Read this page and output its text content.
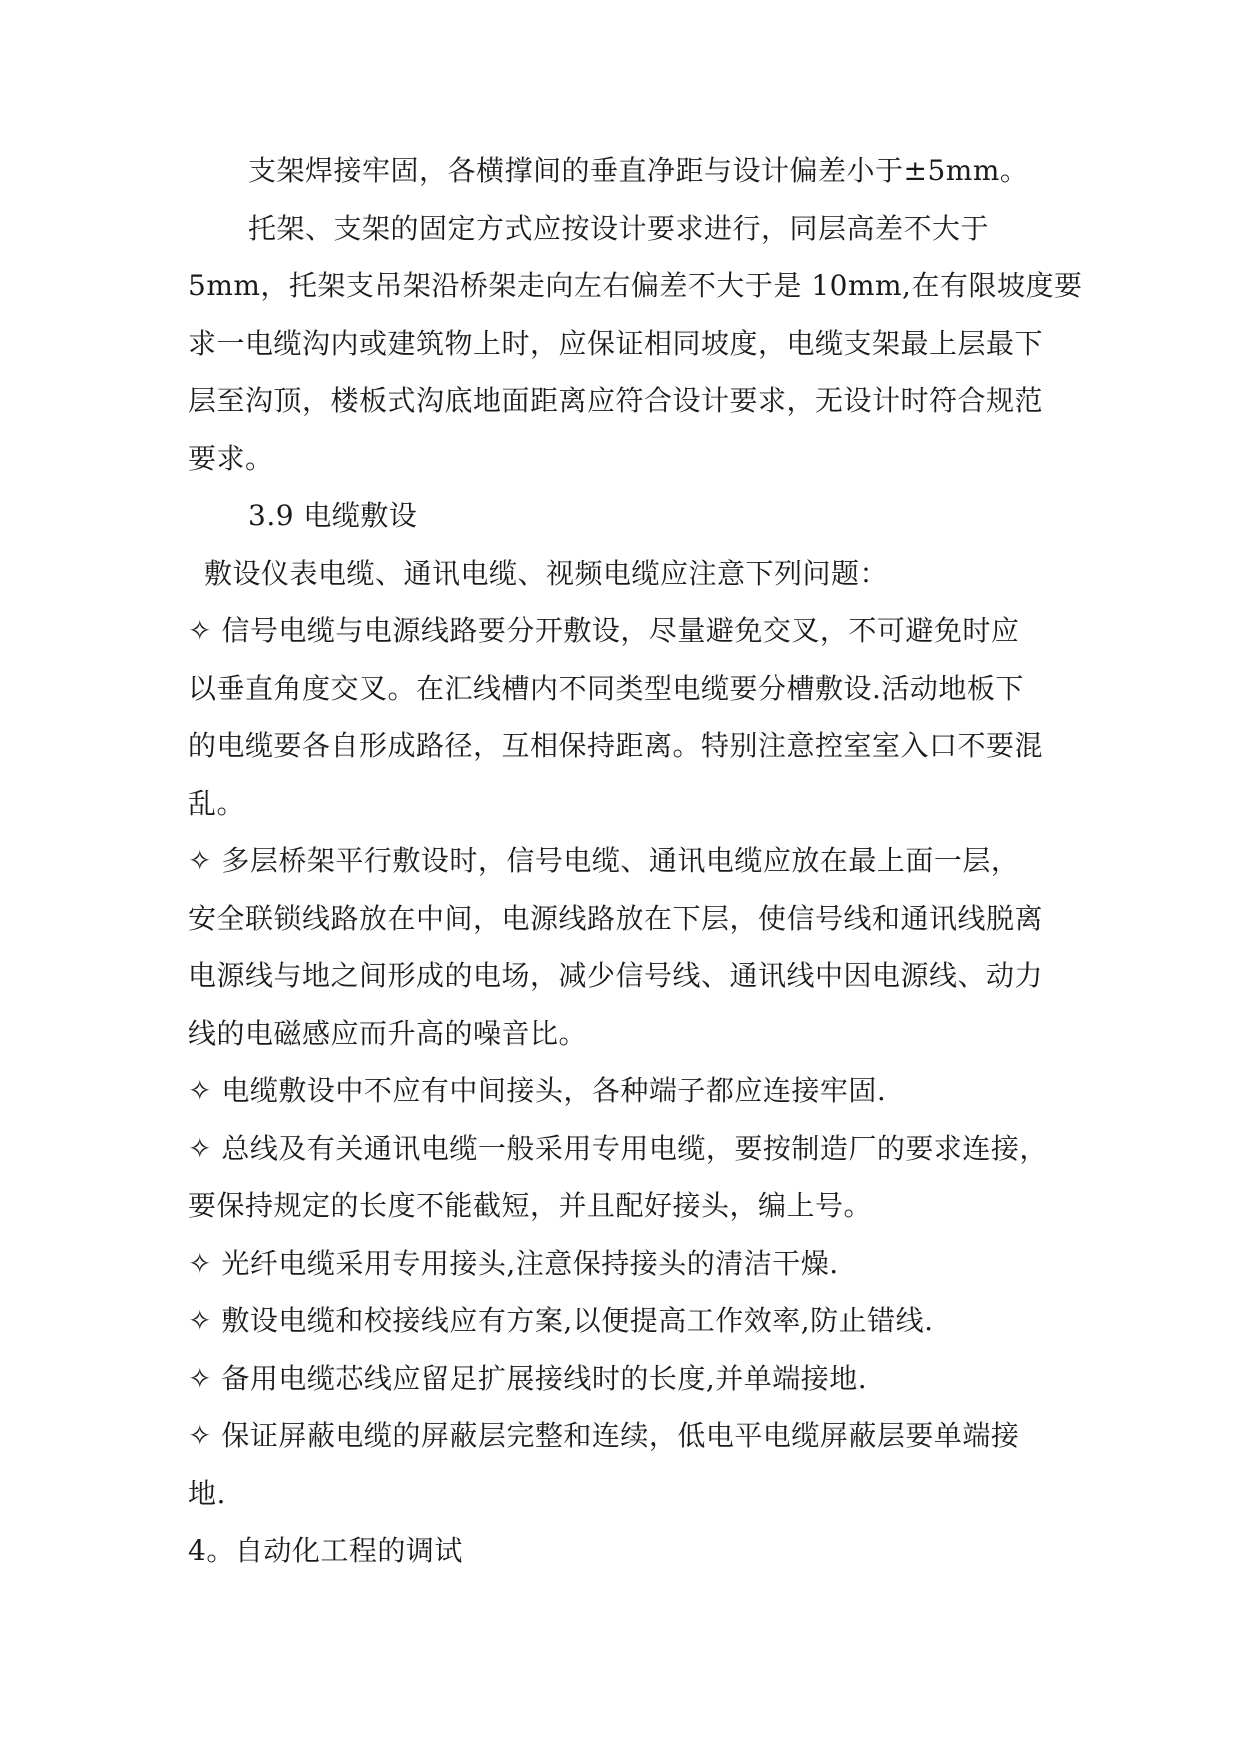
支架焊接牢固，各横撑间的垂直净距与设计偏差小于±5mm。
托架、支架的固定方式应按设计要求进行，同层高差不大于
5mm，托架支吊架沿桥架走向左右偏差不大于是 10mm,在有限坡度要
求一电缆沟内或建筑物上时，应保证相同坡度，电缆支架最上层最下
层至沟顶，楼板式沟底地面距离应符合设计要求，无设计时符合规范
要求。
3.9 电缆敷设
敷设仪表电缆、通讯电缆、视频电缆应注意下列问题：
✧ 信号电缆与电源线路要分开敷设，尽量避免交叉，不可避免时应
以垂直角度交叉。在汇线槽内不同类型电缆要分槽敷设.活动地板下
的电缆要各自形成路径，互相保持距离。特别注意控室室入口不要混
乱。
✧ 多层桥架平行敷设时，信号电缆、通讯电缆应放在最上面一层，
安全联锁线路放在中间，电源线路放在下层，使信号线和通讯线脱离
电源线与地之间形成的电场，减少信号线、通讯线中因电源线、动力
线的电磁感应而升高的噪音比。
✧ 电缆敷设中不应有中间接头，各种端子都应连接牢固.
✧ 总线及有关通讯电缆一般采用专用电缆，要按制造厂的要求连接，
要保持规定的长度不能截短，并且配好接头，编上号。
✧ 光纤电缆采用专用接头,注意保持接头的清洁干燥.
✧ 敷设电缆和校接线应有方案,以便提高工作效率,防止错线.
✧ 备用电缆芯线应留足扩展接线时的长度,并单端接地.
✧ 保证屏蔽电缆的屏蔽层完整和连续，低电平电缆屏蔽层要单端接
地.
4。自动化工程的调试
